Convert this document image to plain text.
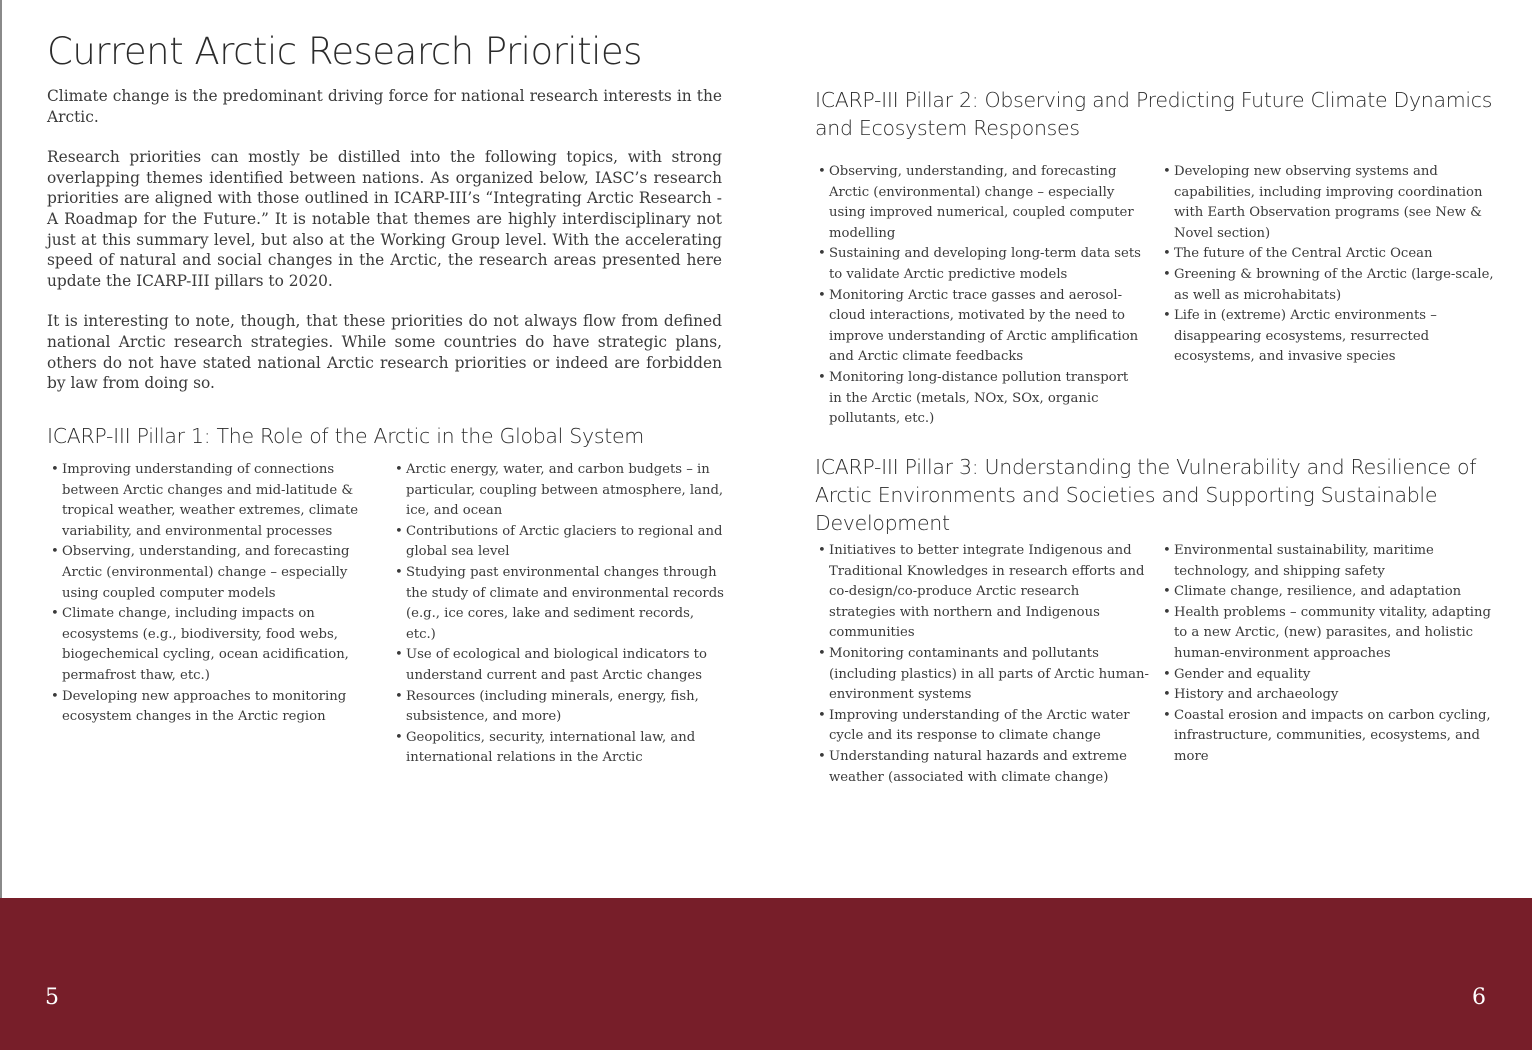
Current Arctic Research Priorities

Climate change is the predominant driving force for national research interests in the Arctic.

Research priorities can mostly be distilled into the following topics, with strong overlapping themes identified between nations. As organized below, IASC’s research priorities are aligned with those outlined in ICARP-III’s “Integrating Arctic Research - A Roadmap for the Future.” It is notable that themes are highly interdisciplinary not just at this summary level, but also at the Working Group level. With the accelerating speed of natural and social changes in the Arctic, the research areas presented here update the ICARP-III pillars to 2020.

It is interesting to note, though, that these priorities do not always flow from defined national Arctic research strategies. While some countries do have strategic plans, others do not have stated national Arctic research priorities or indeed are forbidden by law from doing so.

ICARP-III Pillar 1: The Role of the Arctic in the Global System
• Improving understanding of connections between Arctic changes and mid-latitude & tropical weather, weather extremes, climate variability, and environmental processes
• Observing, understanding, and forecasting Arctic (environmental) change – especially using coupled computer models
• Climate change, including impacts on ecosystems (e.g., biodiversity, food webs, biogechemical cycling, ocean acidification, permafrost thaw, etc.)
• Developing new approaches to monitoring ecosystem changes in the Arctic region
• Arctic energy, water, and carbon budgets – in particular, coupling between atmosphere, land, ice, and ocean
• Contributions of Arctic glaciers to regional and global sea level
• Studying past environmental changes through the study of climate and environmental records (e.g., ice cores, lake and sediment records, etc.)
• Use of ecological and biological indicators to understand current and past Arctic changes
• Resources (including minerals, energy, fish, subsistence, and more)
• Geopolitics, security, international law, and international relations in the Arctic
ICARP-III Pillar 2: Observing and Predicting Future Climate Dynamics and Ecosystem Responses
• Observing, understanding, and forecasting Arctic (environmental) change – especially using improved numerical, coupled computer modelling
• Sustaining and developing long-term data sets to validate Arctic predictive models
• Monitoring Arctic trace gasses and aerosol-cloud interactions, motivated by the need to improve understanding of Arctic amplification and Arctic climate feedbacks
• Monitoring long-distance pollution transport in the Arctic (metals, NOx, SOx, organic pollutants, etc.)
• Developing new observing systems and capabilities, including improving coordination with Earth Observation programs (see New & Novel section)
• The future of the Central Arctic Ocean
• Greening & browning of the Arctic (large-scale, as well as microhabitats)
• Life in (extreme) Arctic environments – disappearing ecosystems, resurrected ecosystems, and invasive species
ICARP-III Pillar 3: Understanding the Vulnerability and Resilience of Arctic Environments and Societies and Supporting Sustainable Development
• Initiatives to better integrate Indigenous and Traditional Knowledges in research efforts and co-design/co-produce Arctic research strategies with northern and Indigenous communities
• Monitoring contaminants and pollutants (including plastics) in all parts of Arctic human-environment systems
• Improving understanding of the Arctic water cycle and its response to climate change
• Understanding natural hazards and extreme weather (associated with climate change)
• Environmental sustainability, maritime technology, and shipping safety
• Climate change, resilience, and adaptation
• Health problems – community vitality, adapting to a new Arctic, (new) parasites, and holistic human-environment approaches
• Gender and equality
• History and archaeology
• Coastal erosion and impacts on carbon cycling, infrastructure, communities, ecosystems, and more
5	6
